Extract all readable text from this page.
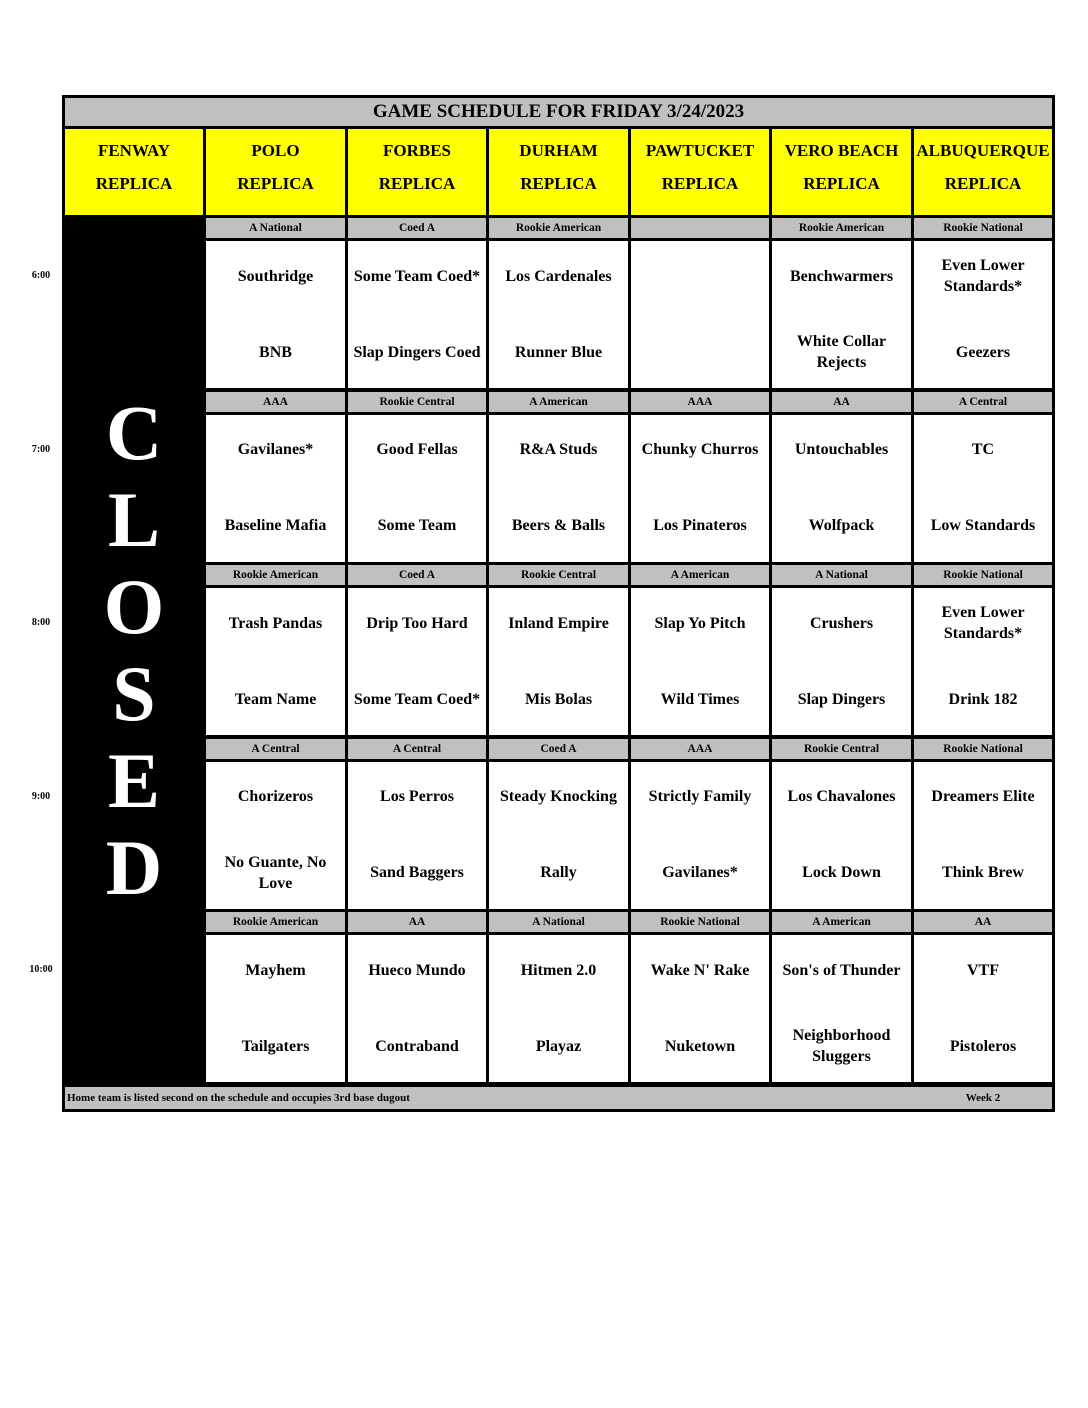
GAME SCHEDULE FOR FRIDAY 3/24/2023
FENWAY
REPLICA
POLO
REPLICA
FORBES
REPLICA
DURHAM
REPLICA
PAWTUCKET
REPLICA
VERO BEACH
REPLICA
ALBUQUERQUE
REPLICA
C
L
O
S
E
D
A National
Southridge
BNB
Coed A
Some Team Coed*
Slap Dingers Coed
Rookie American
Los Cardenales
Runner Blue
Rookie American
Benchwarmers
White Collar Rejects
Rookie National
Even Lower Standards*
Geezers
AAA
Gavilanes*
Baseline Mafia
Rookie Central
Good Fellas
Some Team
A American
R&A Studs
Beers & Balls
AAA
Chunky Churros
Los Pinateros
AA
Untouchables
Wolfpack
A Central
TC
Low Standards
Rookie American
Trash Pandas
Team Name
Coed A
Drip Too Hard
Some Team Coed*
Rookie Central
Inland Empire
Mis Bolas
A American
Slap Yo Pitch
Wild Times
A National
Crushers
Slap Dingers
Rookie National
Even Lower Standards*
Drink 182
A Central
Chorizeros
No Guante, No Love
A Central
Los Perros
Sand Baggers
Coed A
Steady Knocking
Rally
AAA
Strictly Family
Gavilanes*
Rookie Central
Los Chavalones
Lock Down
Rookie National
Dreamers Elite
Think Brew
Rookie American
Mayhem
Tailgaters
AA
Hueco Mundo
Contraband
A National
Hitmen 2.0
Playaz
Rookie National
Wake N' Rake
Nuketown
A American
Son's of Thunder
Neighborhood Sluggers
AA
VTF
Pistoleros
Home team is listed second on the schedule and occupies 3rd base dugout	Week 2
6:00
7:00
8:00
9:00
10:00
